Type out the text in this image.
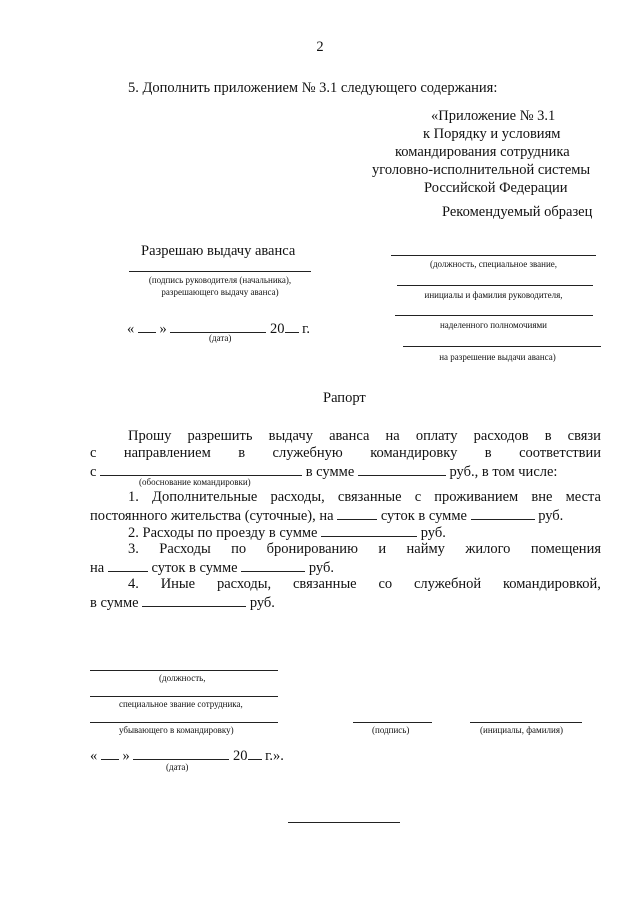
2
5. Дополнить приложением № 3.1 следующего содержания:
«Приложение № 3.1
к Порядку и условиям
командирования сотрудника
уголовно-исполнительной системы
Российской Федерации
Рекомендуемый образец
Разрешаю выдачу аванса
(подпись руководителя (начальника),
разрешающего выдачу аванса)
« »	20 г.
(дата)
(должность, специальное звание,
инициалы и фамилия руководителя,
наделенного полномочиями
на разрешение выдачи аванса)
Рапорт
Прошу разрешить выдачу аванса на оплату расходов в связи
с направлением в служебную командировку в соответствии
с	в сумме	руб., в том числе:
(обоснование командировки)
1. Дополнительные расходы, связанные с проживанием вне места
постоянного жительства (суточные), на	суток в сумме	руб.
2. Расходы по проезду в сумме	руб.
3. Расходы по бронированию и найму жилого помещения
на	суток в сумме	руб.
4. Иные расходы, связанные со служебной командировкой,
в сумме	руб.
(должность,
специальное звание сотрудника,
убывающего в командировку)	(подпись)	(инициалы, фамилия)
« »	20 г.».
(дата)
